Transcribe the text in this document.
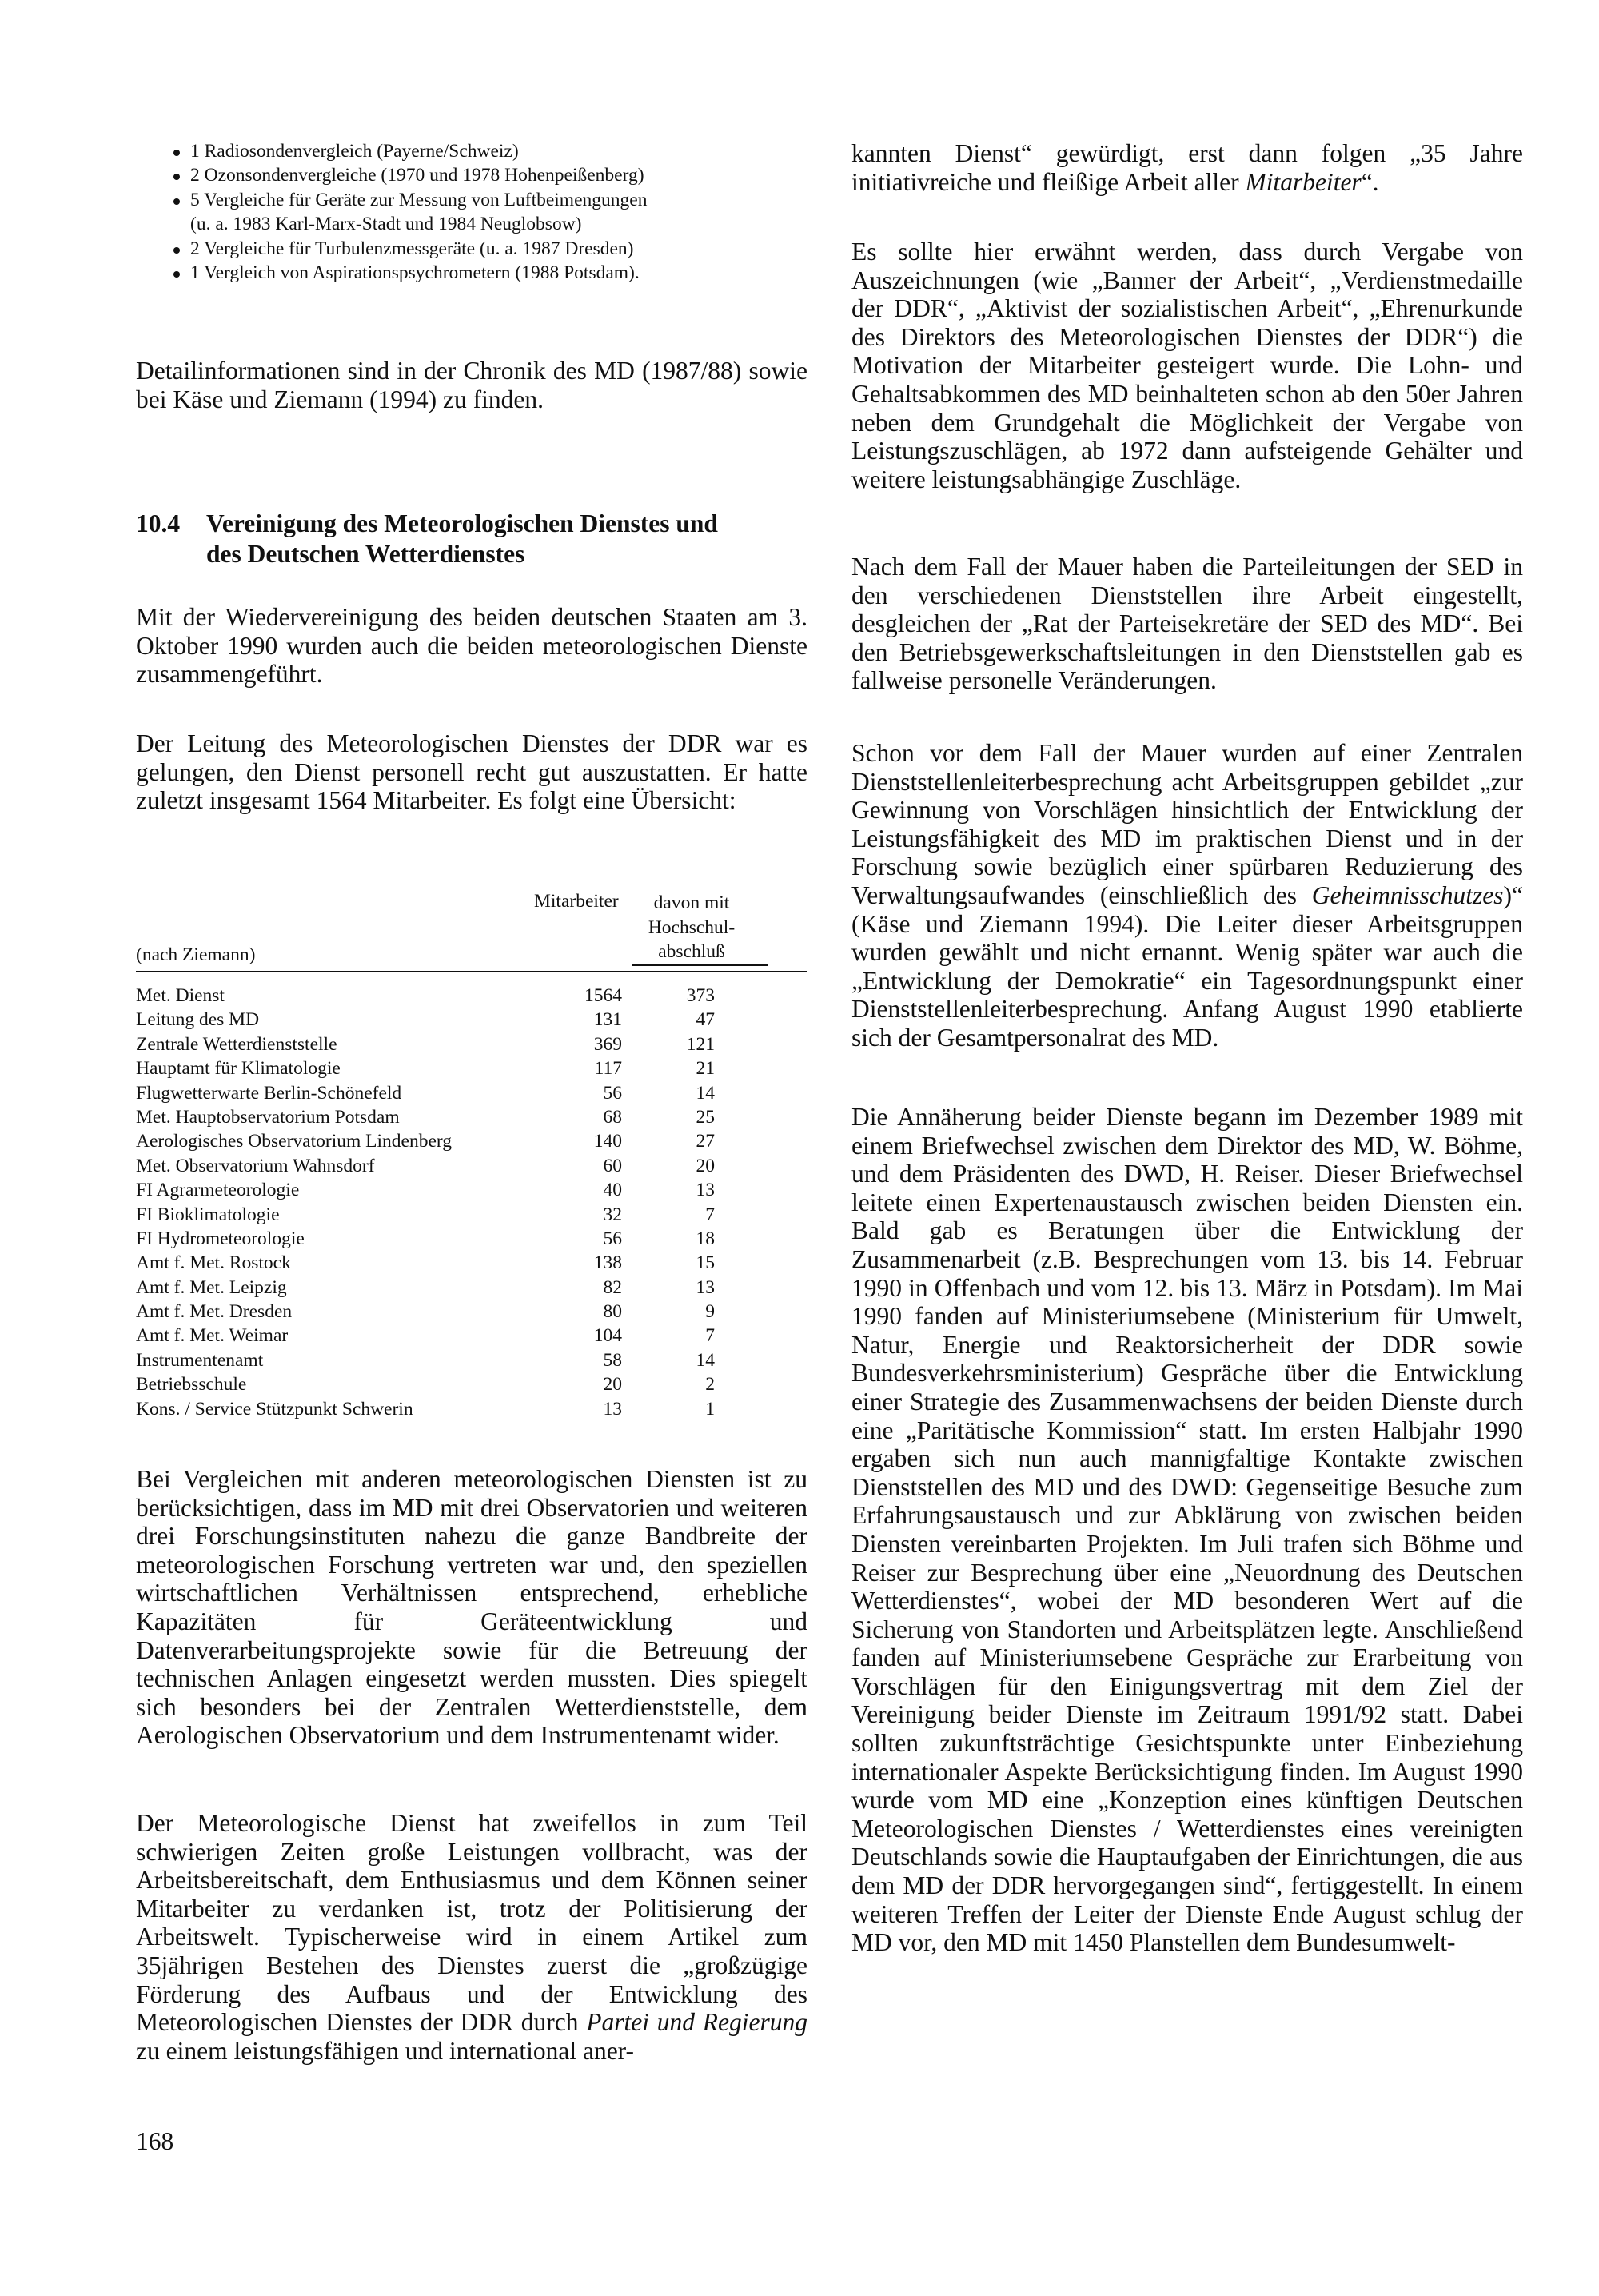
1 Radiosondenvergleich (Payerne/Schweiz)
2 Ozonsondenvergleiche (1970 und 1978 Hohenpeißenberg)
5 Vergleiche für Geräte zur Messung von Luftbeimengungen
(u. a. 1983 Karl-Marx-Stadt und 1984 Neuglobsow)
2 Vergleiche für Turbulenzmessgeräte (u. a. 1987 Dresden)
1 Vergleich von Aspirationspsychrometern (1988 Potsdam).

Detailinformationen sind in der Chronik des MD (1987/88) sowie bei Käse und Ziemann (1994) zu finden.

10.4 Vereinigung des Meteorologischen Dienstes und
des Deutschen Wetterdienstes

Mit der Wiedervereinigung des beiden deutschen Staaten am 3. Oktober 1990 wurden auch die beiden meteorologischen Dienste zusammengeführt.

Der Leitung des Meteorologischen Dienstes der DDR war es gelungen, den Dienst personell recht gut auszustatten. Er hatte zuletzt insgesamt 1564 Mitarbeiter. Es folgt eine Übersicht:

(nach Ziemann)
Mitarbeiter	davon mit
Hochschul-
abschluß
Met. Dienst	1564	373
Leitung des MD	131	47
Zentrale Wetterdienststelle	369	121
Hauptamt für Klimatologie	117	21
Flugwetterwarte Berlin-Schönefeld	56	14
Met. Hauptobservatorium Potsdam	68	25
Aerologisches Observatorium Lindenberg	140	27
Met. Observatorium Wahnsdorf	60	20
FI Agrarmeteorologie	40	13
FI Bioklimatologie	32	7
FI Hydrometeorologie	56	18
Amt f. Met. Rostock	138	15
Amt f. Met. Leipzig	82	13
Amt f. Met. Dresden	80	9
Amt f. Met. Weimar	104	7
Instrumentenamt	58	14
Betriebsschule	20	2
Kons. / Service Stützpunkt Schwerin	13	1

Bei Vergleichen mit anderen meteorologischen Diensten ist zu berücksichtigen, dass im MD mit drei Observatorien und weiteren drei Forschungsinstituten nahezu die ganze Bandbreite der meteorologischen Forschung vertreten war und, den speziellen wirtschaftlichen Verhältnissen entsprechend, erhebliche Kapazitäten für Geräteentwicklung und Datenverarbeitungsprojekte sowie für die Betreuung der technischen Anlagen eingesetzt werden mussten. Dies spiegelt sich besonders bei der Zentralen Wetterdienststelle, dem Aerologischen Observatorium und dem Instrumentenamt wider.

Der Meteorologische Dienst hat zweifellos in zum Teil schwierigen Zeiten große Leistungen vollbracht, was der Arbeitsbereitschaft, dem Enthusiasmus und dem Können seiner Mitarbeiter zu verdanken ist, trotz der Politisierung der Arbeitswelt. Typischerweise wird in einem Artikel zum 35jährigen Bestehen des Dienstes zuerst die „großzügige Förderung des Aufbaus und der Entwicklung des Meteorologischen Dienstes der DDR durch Partei und Regierung zu einem leistungsfähigen und international aner-

kannten Dienst“ gewürdigt, erst dann folgen „35 Jahre initiativreiche und fleißige Arbeit aller Mitarbeiter“.

Es sollte hier erwähnt werden, dass durch Vergabe von Auszeichnungen (wie „Banner der Arbeit“, „Verdienstmedaille der DDR“, „Aktivist der sozialistischen Arbeit“, „Ehrenurkunde des Direktors des Meteorologischen Dienstes der DDR“) die Motivation der Mitarbeiter gesteigert wurde. Die Lohn- und Gehaltsabkommen des MD beinhalteten schon ab den 50er Jahren neben dem Grundgehalt die Möglichkeit der Vergabe von Leistungszuschlägen, ab 1972 dann aufsteigende Gehälter und weitere leistungsabhängige Zuschläge.

Nach dem Fall der Mauer haben die Parteileitungen der SED in den verschiedenen Dienststellen ihre Arbeit eingestellt, desgleichen der „Rat der Parteisekretäre der SED des MD“. Bei den Betriebsgewerkschaftsleitungen in den Dienststellen gab es fallweise personelle Veränderungen.

Schon vor dem Fall der Mauer wurden auf einer Zentralen Dienststellenleiterbesprechung acht Arbeitsgruppen gebildet „zur Gewinnung von Vorschlägen hinsichtlich der Entwicklung der Leistungsfähigkeit des MD im praktischen Dienst und in der Forschung sowie bezüglich einer spürbaren Reduzierung des Verwaltungsaufwandes (einschließlich des Geheimnisschutzes)“ (Käse und Ziemann 1994). Die Leiter dieser Arbeitsgruppen wurden gewählt und nicht ernannt. Wenig später war auch die „Entwicklung der Demokratie“ ein Tagesordnungspunkt einer Dienststellenleiterbesprechung. Anfang August 1990 etablierte sich der Gesamtpersonalrat des MD.

Die Annäherung beider Dienste begann im Dezember 1989 mit einem Briefwechsel zwischen dem Direktor des MD, W. Böhme, und dem Präsidenten des DWD, H. Reiser. Dieser Briefwechsel leitete einen Expertenaustausch zwischen beiden Diensten ein. Bald gab es Beratungen über die Entwicklung der Zusammenarbeit (z.B. Besprechungen vom 13. bis 14. Februar 1990 in Offenbach und vom 12. bis 13. März in Potsdam). Im Mai 1990 fanden auf Ministeriumsebene (Ministerium für Umwelt, Natur, Energie und Reaktorsicherheit der DDR sowie Bundesverkehrsministerium) Gespräche über die Entwicklung einer Strategie des Zusammenwachsens der beiden Dienste durch eine „Paritätische Kommission“ statt. Im ersten Halbjahr 1990 ergaben sich nun auch mannigfaltige Kontakte zwischen Dienststellen des MD und des DWD: Gegenseitige Besuche zum Erfahrungsaustausch und zur Abklärung von zwischen beiden Diensten vereinbarten Projekten. Im Juli trafen sich Böhme und Reiser zur Besprechung über eine „Neuordnung des Deutschen Wetterdienstes“, wobei der MD besonderen Wert auf die Sicherung von Standorten und Arbeitsplätzen legte. Anschließend fanden auf Ministeriumsebene Gespräche zur Erarbeitung von Vorschlägen für den Einigungsvertrag mit dem Ziel der Vereinigung beider Dienste im Zeitraum 1991/92 statt. Dabei sollten zukunftsträchtige Gesichtspunkte unter Einbeziehung internationaler Aspekte Berücksichtigung finden. Im August 1990 wurde vom MD eine „Konzeption eines künftigen Deutschen Meteorologischen Dienstes / Wetterdienstes eines vereinigten Deutschlands sowie die Hauptaufgaben der Einrichtungen, die aus dem MD der DDR hervorgegangen sind“, fertiggestellt. In einem weiteren Treffen der Leiter der Dienste Ende August schlug der MD vor, den MD mit 1450 Planstellen dem Bundesumwelt-

168
